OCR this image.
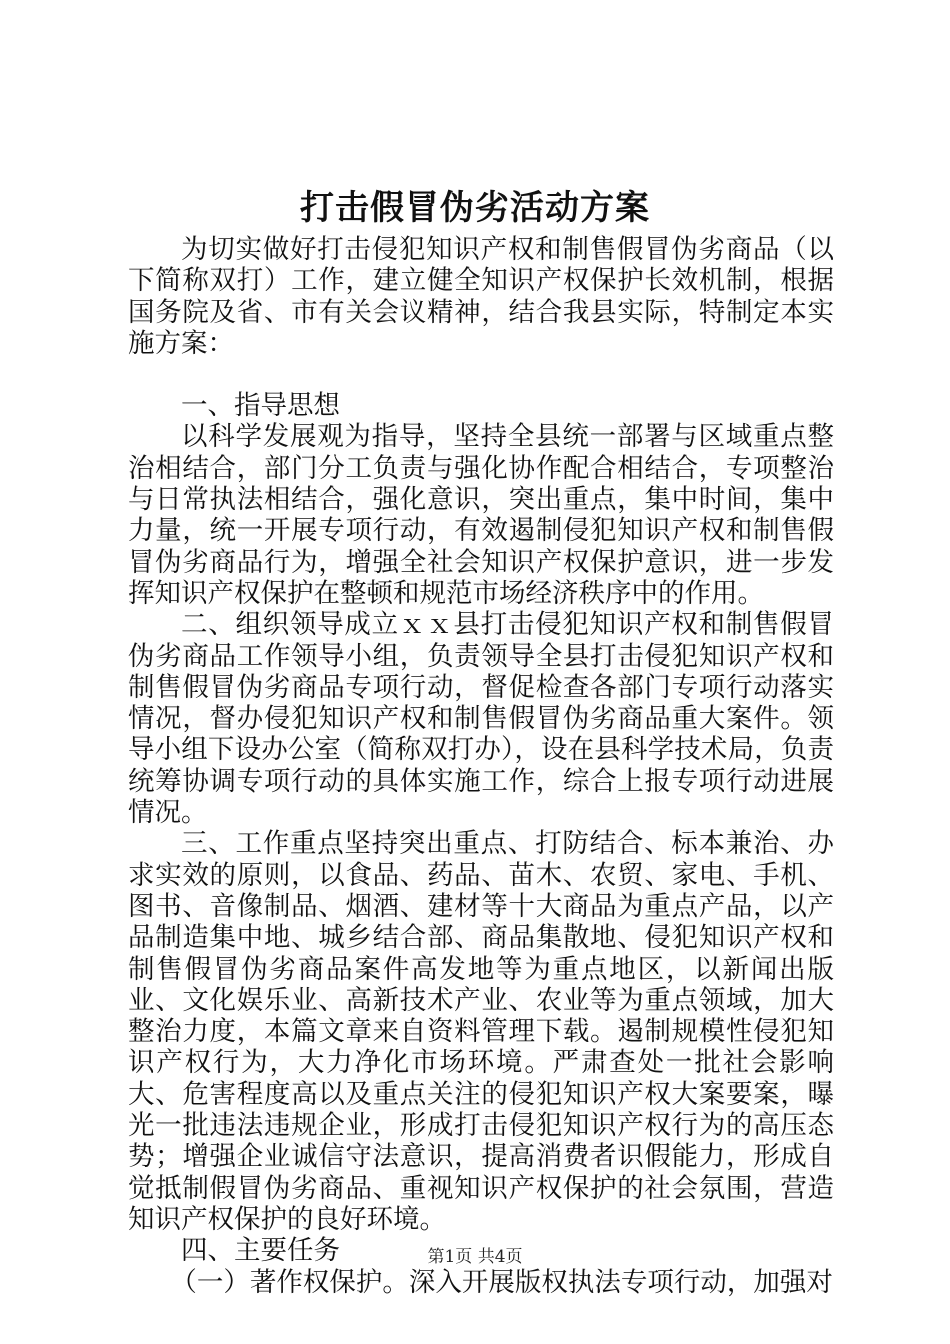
打击假冒伪劣活动方案

为切实做好打击侵犯知识产权和制售假冒伪劣商品（以下简称双打）工作，建立健全知识产权保护长效机制，根据国务院及省、市有关会议精神，结合我县实际，特制定本实施方案：

一、指导思想

以科学发展观为指导，坚持全县统一部署与区域重点整治相结合，部门分工负责与强化协作配合相结合，专项整治与日常执法相结合，强化意识，突出重点，集中时间，集中力量，统一开展专项行动，有效遏制侵犯知识产权和制售假冒伪劣商品行为，增强全社会知识产权保护意识，进一步发挥知识产权保护在整顿和规范市场经济秩序中的作用。

二、组织领导成立ｘｘ县打击侵犯知识产权和制售假冒伪劣商品工作领导小组，负责领导全县打击侵犯知识产权和制售假冒伪劣商品专项行动，督促检查各部门专项行动落实情况，督办侵犯知识产权和制售假冒伪劣商品重大案件。领导小组下设办公室（简称双打办），设在县科学技术局，负责统筹协调专项行动的具体实施工作，综合上报专项行动进展情况。

三、工作重点坚持突出重点、打防结合、标本兼治、办求实效的原则，以食品、药品、苗木、农贸、家电、手机、图书、音像制品、烟酒、建材等十大商品为重点产品，以产品制造集中地、城乡结合部、商品集散地、侵犯知识产权和制售假冒伪劣商品案件高发地等为重点地区，以新闻出版业、文化娱乐业、高新技术产业、农业等为重点领域，加大整治力度，本篇文章来自资料管理下载。遏制规模性侵犯知识产权行为，大力净化市场环境。严肃查处一批社会影响大、危害程度高以及重点关注的侵犯知识产权大案要案，曝光一批违法违规企业，形成打击侵犯知识产权行为的高压态势；增强企业诚信守法意识，提高消费者识假能力，形成自觉抵制假冒伪劣商品、重视知识产权保护的社会氛围，营造知识产权保护的良好环境。

四、主要任务

（一）著作权保护。深入开展版权执法专项行动，加强对

第1页 共4页
